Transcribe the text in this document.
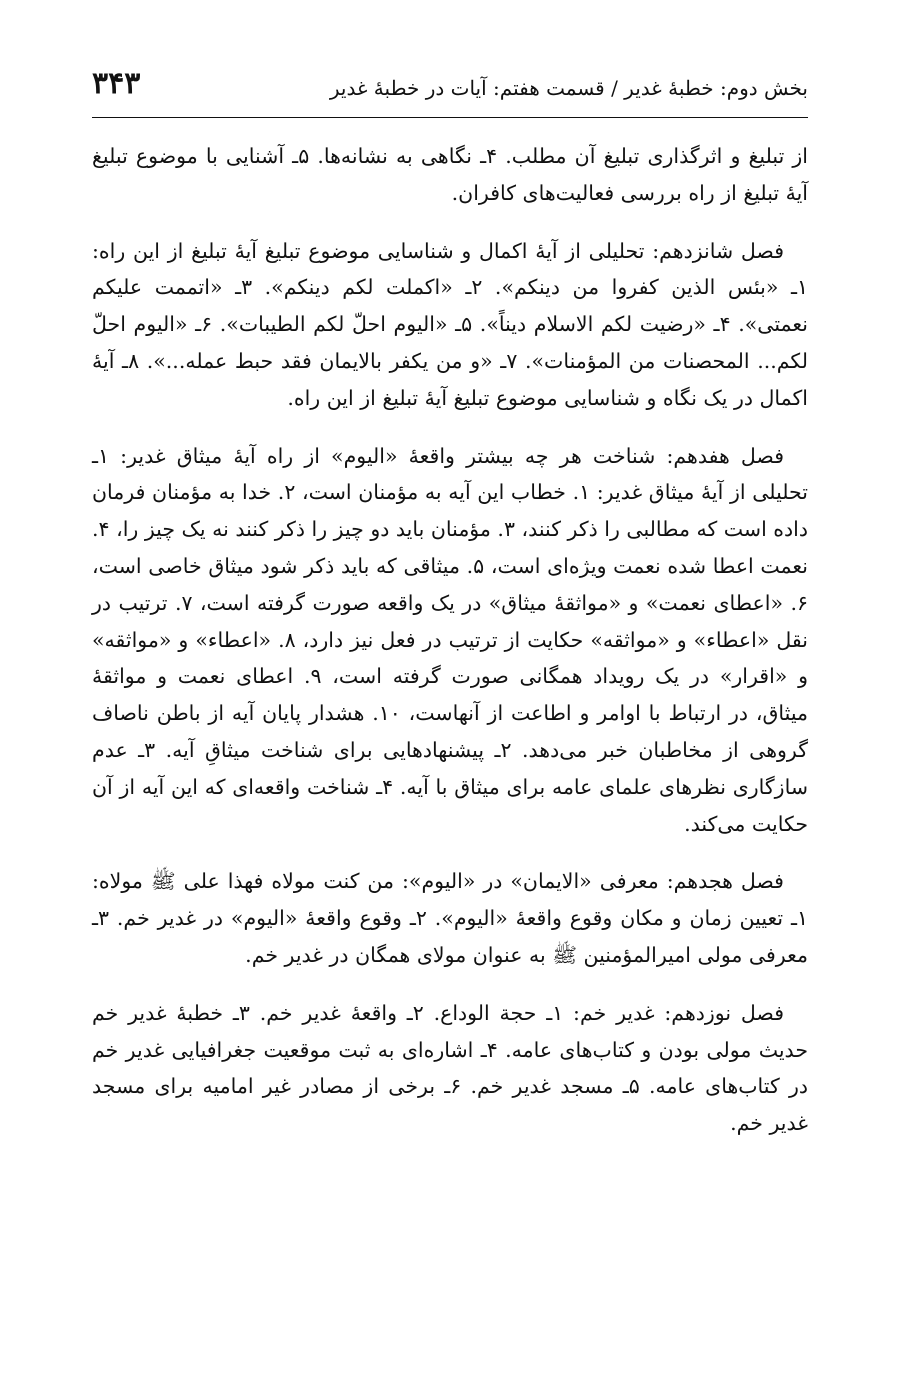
بخش دوم: خطبۀ غدیر / قسمت هفتم: آیات در خطبۀ غدیر
۳۴۳

از تبلیغ و اثرگذاری تبلیغ آن مطلب. ۴ـ نگاهی به نشانه‌ها. ۵ـ آشنایی با موضوع تبلیغ آیۀ تبلیغ از راه بررسی فعالیت‌های کافران.

فصل شانزدهم: تحلیلی از آیۀ اکمال و شناسایی موضوع تبلیغ آیۀ تبلیغ از این راه: ۱ـ «بئس الذین کفروا من دینکم». ۲ـ «اکملت لکم دینکم». ۳ـ «اتممت علیکم نعمتی». ۴ـ «رضیت لکم الاسلام دیناً». ۵ـ «الیوم احلّ لکم الطیبات». ۶ـ «الیوم احلّ لکم... المحصنات من المؤمنات». ۷ـ «و من یکفر بالایمان فقد حبط عمله...». ۸ـ آیۀ اکمال در یک نگاه و شناسایی موضوع تبلیغ آیۀ تبلیغ از این راه.

فصل هفدهم: شناخت هر چه بیشتر واقعۀ «الیوم» از راه آیۀ میثاق غدیر: ۱ـ تحلیلی از آیۀ میثاق غدیر: ۱. خطاب این آیه به مؤمنان است، ۲. خدا به مؤمنان فرمان داده است که مطالبی را ذکر کنند، ۳. مؤمنان باید دو چیز را ذکر کنند نه یک چیز را، ۴. نعمت اعطا شده نعمت ویژه‌ای است، ۵. میثاقی که باید ذکر شود میثاق خاصی است، ۶. «اعطای نعمت» و «مواثقۀ میثاق» در یک واقعه صورت گرفته است، ۷. ترتیب در نقل «اعطاء» و «مواثقه» حکایت از ترتیب در فعل نیز دارد، ۸. «اعطاء» و «مواثقه» و «اقرار» در یک رویداد همگانی صورت گرفته است، ۹. اعطای نعمت و مواثقۀ میثاق، در ارتباط با اوامر و اطاعت از آنهاست، ۱۰. هشدار پایان آیه از باطن ناصاف گروهی از مخاطبان خبر می‌دهد. ۲ـ پیشنهادهایی برای شناخت میثاقِ آیه. ۳ـ عدم سازگاری نظرهای علمای عامه برای میثاق با آیه. ۴ـ شناخت واقعه‌ای که این آیه از آن حکایت می‌کند.

فصل هجدهم: معرفی «الایمان» در «الیوم»: من کنت مولاه فهذا علی ﷺ مولاه: ۱ـ تعیین زمان و مکان وقوع واقعۀ «الیوم». ۲ـ وقوع واقعۀ «الیوم» در غدیر خم. ۳ـ معرفی مولی امیرالمؤمنین ﷺ به عنوان مولای همگان در غدیر خم.

فصل نوزدهم: غدیر خم: ۱ـ حجة الوداع. ۲ـ واقعۀ غدیر خم. ۳ـ خطبۀ غدیر خم حدیث مولی بودن و کتاب‌های عامه. ۴ـ اشاره‌ای به ثبت موقعیت جغرافیایی غدیر خم در کتاب‌های عامه. ۵ـ مسجد غدیر خم. ۶ـ برخی از مصادر غیر امامیه برای مسجد غدیر خم.
